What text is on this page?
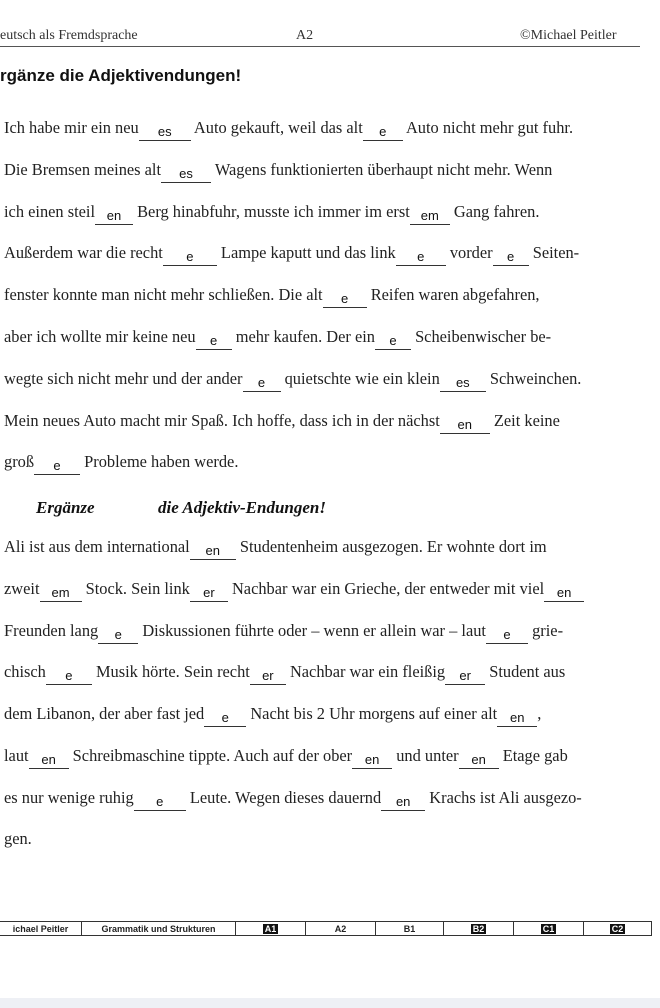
eutsch als Fremdsprache	A2	©Michael Peitler
rgänze die Adjektivendungen!
Ich habe mir ein neu es Auto gekauft, weil das alt e Auto nicht mehr gut fuhr.
Die Bremsen meines alt es Wagens funktionierten überhaupt nicht mehr. Wenn
ich einen steil en Berg hinabfuhr, musste ich immer im erst em Gang fahren.
Außerdem war die recht e Lampe kaputt und das link e vorder e Seiten-
fenster konnte man nicht mehr schließen. Die alt e Reifen waren abgefahren,
aber ich wollte mir keine neu e mehr kaufen. Der ein e Scheibenwischer be-
wegte sich nicht mehr und der ander e quietschte wie ein klein es Schweinchen.
Mein neues Auto macht mir Spaß. Ich hoffe, dass ich in der nächst en Zeit keine
groß e Probleme haben werde.
Ergänze	die Adjektiv-Endungen!
Ali ist aus dem international en Studentenheim ausgezogen. Er wohnte dort im
zweit em Stock. Sein link er Nachbar war ein Grieche, der entweder mit viel en
Freunden lang e Diskussionen führte oder – wenn er allein war – laut e grie-
chisch e Musik hörte. Sein recht er Nachbar war ein fleißig er Student aus
dem Libanon, der aber fast jed e Nacht bis 2 Uhr morgens auf einer alt en ,
laut en Schreibmaschine tippte. Auch auf der ober en und unter en Etage gab
es nur wenige ruhig e Leute. Wegen dieses dauernd en Krachs ist Ali ausgezo-
gen.
ichael Peitler	Grammatik und Strukturen	A1	A2	B1	B2	C1	C2
